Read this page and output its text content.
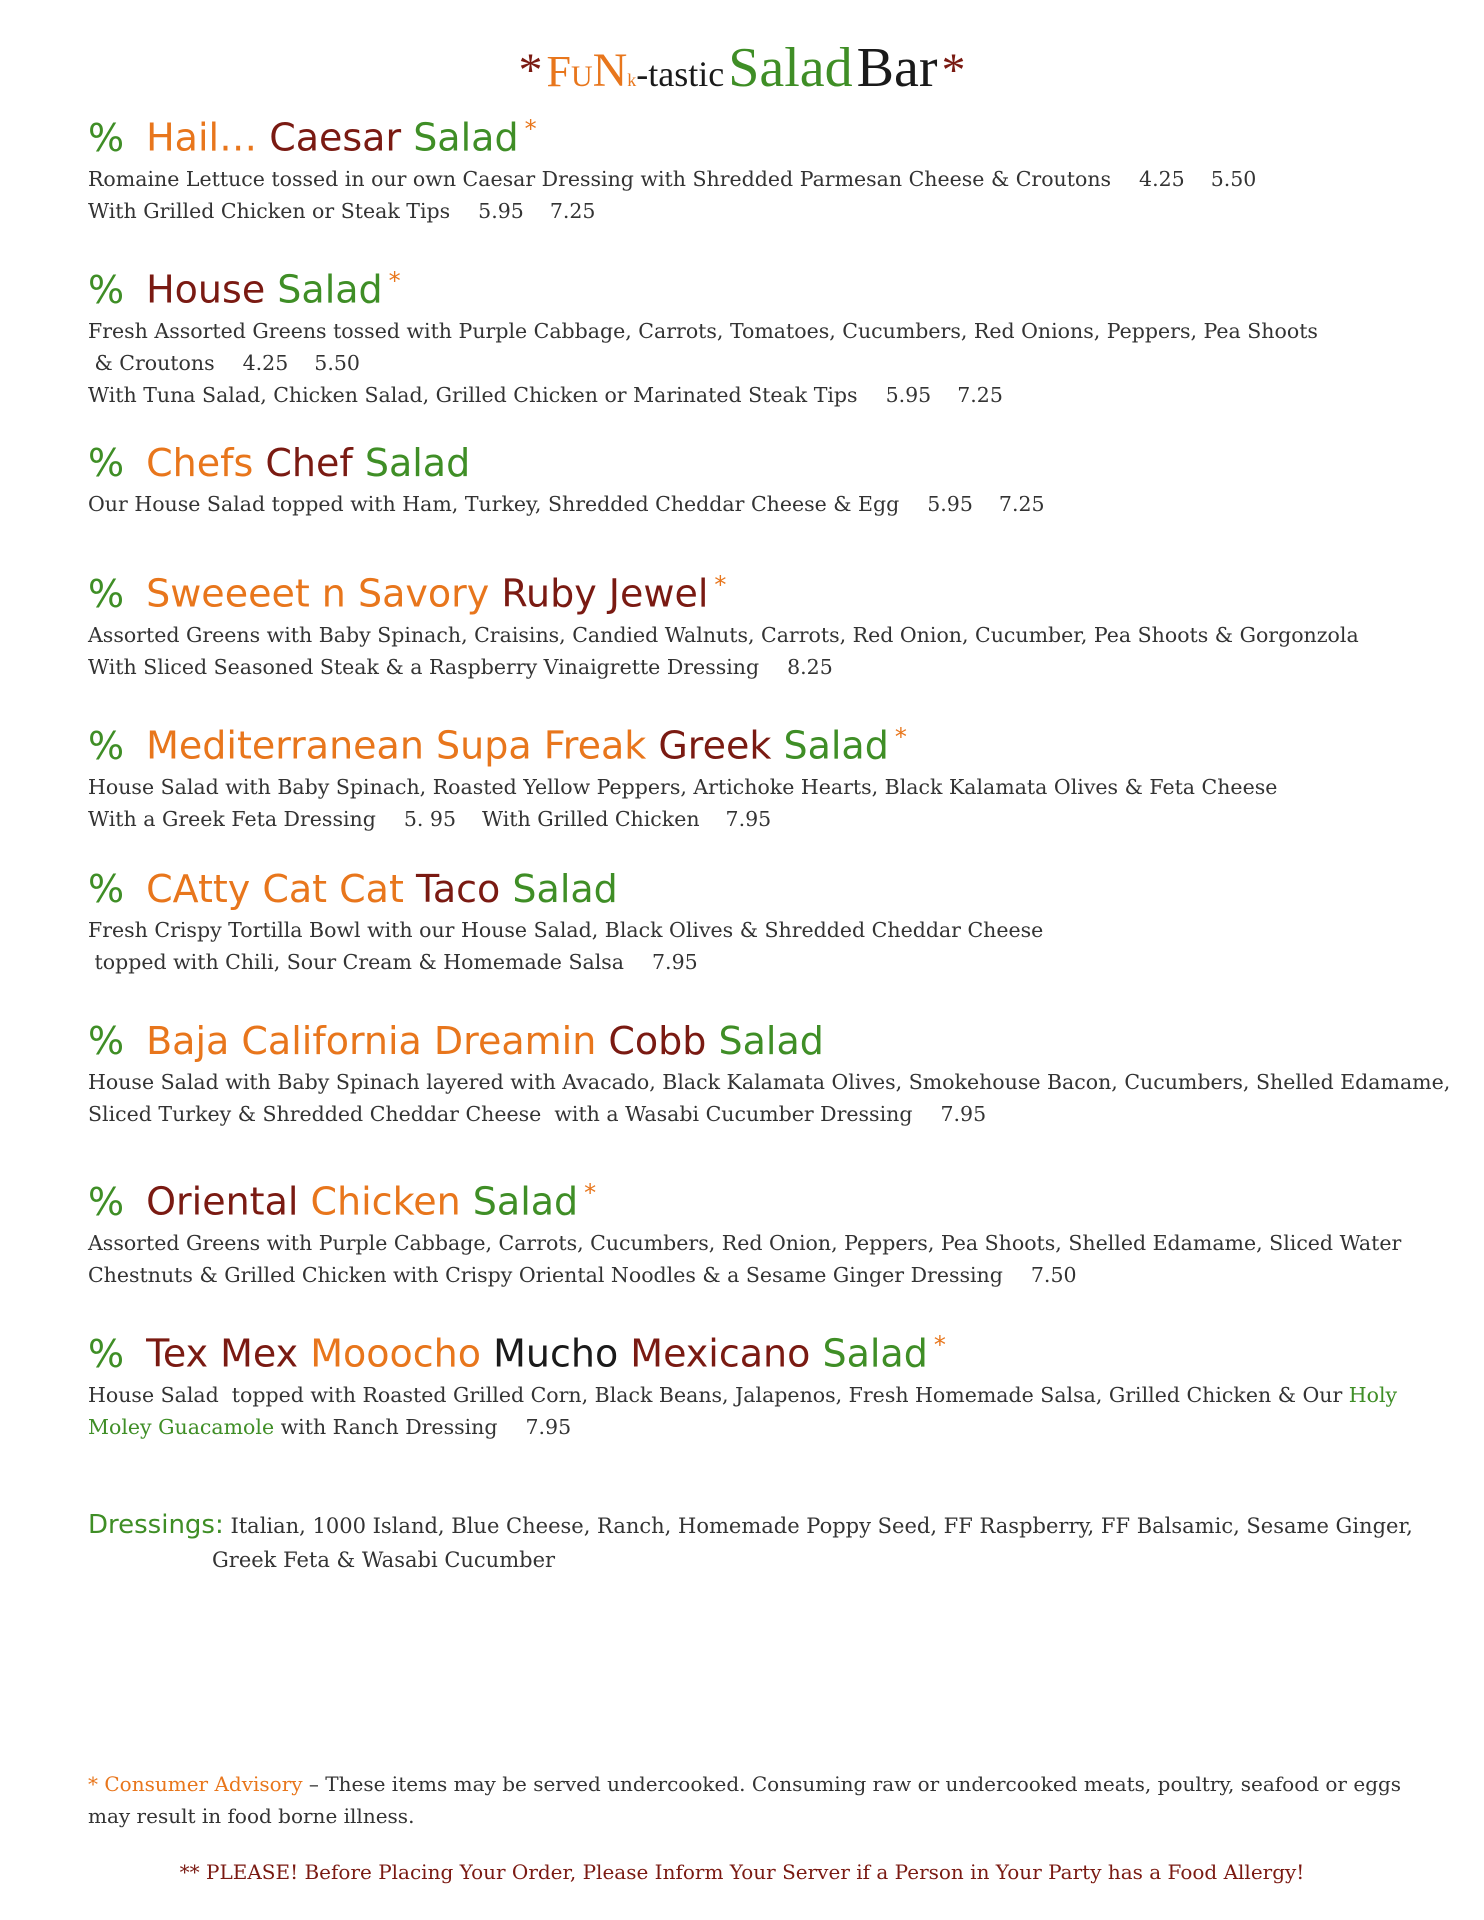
* FUNk-tastic Salad Bar *
% Hail… Caesar Salad *
Romaine Lettuce tossed in our own Caesar Dressing with Shredded Parmesan Cheese & Croutons 4.25 5.50
With Grilled Chicken or Steak Tips 5.95 7.25
% House Salad *
Fresh Assorted Greens tossed with Purple Cabbage, Carrots, Tomatoes, Cucumbers, Red Onions, Peppers, Pea Shoots
& Croutons 4.25 5.50
With Tuna Salad, Chicken Salad, Grilled Chicken or Marinated Steak Tips 5.95 7.25
% Chefs Chef Salad
Our House Salad topped with Ham, Turkey, Shredded Cheddar Cheese & Egg 5.95 7.25
% Sweeeet n Savory Ruby Jewel *
Assorted Greens with Baby Spinach, Craisins, Candied Walnuts, Carrots, Red Onion, Cucumber, Pea Shoots & Gorgonzola
With Sliced Seasoned Steak & a Raspberry Vinaigrette Dressing 8.25
% Mediterranean Supa Freak Greek Salad *
House Salad with Baby Spinach, Roasted Yellow Peppers, Artichoke Hearts, Black Kalamata Olives & Feta Cheese
With a Greek Feta Dressing 5. 95 With Grilled Chicken 7.95
% CAtty Cat Cat Taco Salad
Fresh Crispy Tortilla Bowl with our House Salad, Black Olives & Shredded Cheddar Cheese
topped with Chili, Sour Cream & Homemade Salsa 7.95
% Baja California Dreamin Cobb Salad
House Salad with Baby Spinach layered with Avacado, Black Kalamata Olives, Smokehouse Bacon, Cucumbers, Shelled Edamame,
Sliced Turkey & Shredded Cheddar Cheese  with a Wasabi Cucumber Dressing 7.95
% Oriental Chicken Salad *
Assorted Greens with Purple Cabbage, Carrots, Cucumbers, Red Onion, Peppers, Pea Shoots, Shelled Edamame, Sliced Water
Chestnuts & Grilled Chicken with Crispy Oriental Noodles & a Sesame Ginger Dressing 7.50
% Tex Mex Mooocho Mucho Mexicano Salad *
House Salad  topped with Roasted Grilled Corn, Black Beans, Jalapenos, Fresh Homemade Salsa, Grilled Chicken & Our Holy
Moley Guacamole with Ranch Dressing 7.95
Dressings: Italian, 1000 Island, Blue Cheese, Ranch, Homemade Poppy Seed, FF Raspberry, FF Balsamic, Sesame Ginger,
Greek Feta & Wasabi Cucumber
* Consumer Advisory – These items may be served undercooked. Consuming raw or undercooked meats, poultry, seafood or eggs may result in food borne illness.
** PLEASE! Before Placing Your Order, Please Inform Your Server if a Person in Your Party has a Food Allergy!
